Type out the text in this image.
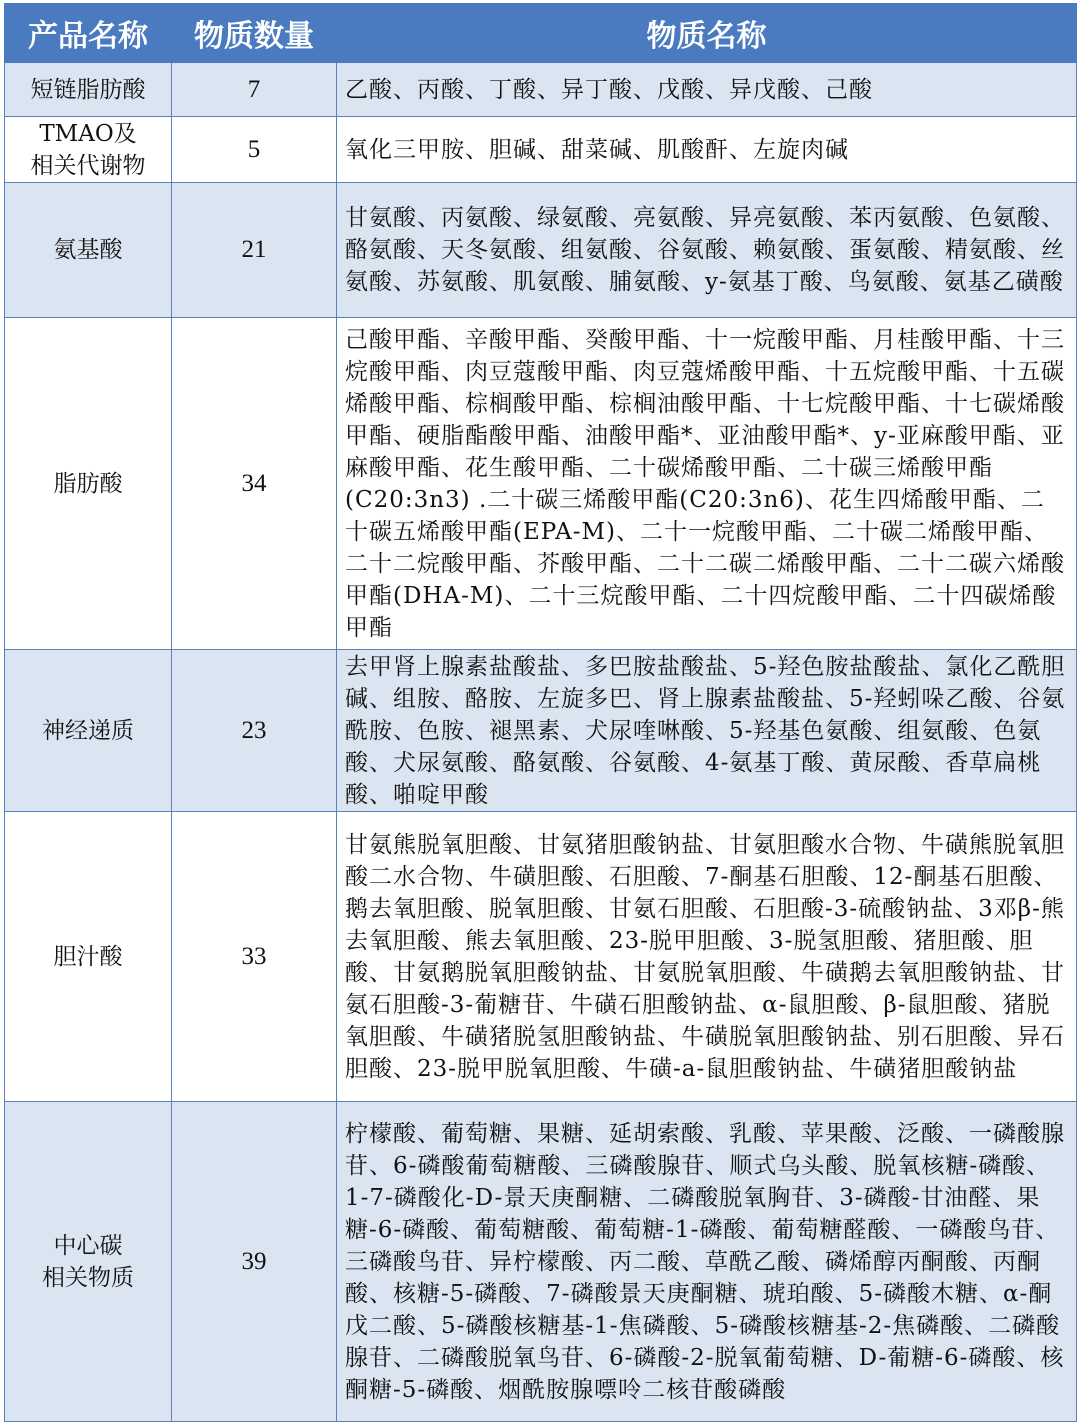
产品名称	物质数量	物质名称
短链脂肪酸	7	乙酸、丙酸、丁酸、异丁酸、戊酸、异戊酸、己酸
TMAO及
相关代谢物	5	氧化三甲胺、胆碱、甜菜碱、肌酸酐、左旋肉碱
氨基酸	21	甘氨酸、丙氨酸、绿氨酸、亮氨酸、异亮氨酸、苯丙氨酸、色氨酸、酪氨酸、天冬氨酸、组氨酸、谷氨酸、赖氨酸、蛋氨酸、精氨酸、丝氨酸、苏氨酸、肌氨酸、脯氨酸、y-氨基丁酸、鸟氨酸、氨基乙磺酸
脂肪酸	34	己酸甲酯、辛酸甲酯、癸酸甲酯、十一烷酸甲酯、月桂酸甲酯、十三烷酸甲酯、肉豆蔻酸甲酯、肉豆蔻烯酸甲酯、十五烷酸甲酯、十五碳烯酸甲酯、棕榈酸甲酯、棕榈油酸甲酯、十七烷酸甲酯、十七碳烯酸甲酯、硬脂酯酸甲酯、油酸甲酯*、亚油酸甲酯*、y-亚麻酸甲酯、亚麻酸甲酯、花生酸甲酯、二十碳烯酸甲酯、二十碳三烯酸甲酯(C20:3n3) .二十碳三烯酸甲酯(C20:3n6)、花生四烯酸甲酯、二十碳五烯酸甲酯(EPA-M)、二十一烷酸甲酯、二十碳二烯酸甲酯、二十二烷酸甲酯、芥酸甲酯、二十二碳二烯酸甲酯、二十二碳六烯酸甲酯(DHA-M)、二十三烷酸甲酯、二十四烷酸甲酯、二十四碳烯酸甲酯
神经递质	23	去甲肾上腺素盐酸盐、多巴胺盐酸盐、5-羟色胺盐酸盐、氯化乙酰胆碱、组胺、酪胺、左旋多巴、肾上腺素盐酸盐、5-羟蚓哚乙酸、谷氨酰胺、色胺、褪黑素、犬尿喹啉酸、5-羟基色氨酸、组氨酸、色氨酸、犬尿氨酸、酪氨酸、谷氨酸、4-氨基丁酸、黄尿酸、香草扁桃酸、啪啶甲酸
胆汁酸	33	甘氨熊脱氧胆酸、甘氨猪胆酸钠盐、甘氨胆酸水合物、牛磺熊脱氧胆酸二水合物、牛磺胆酸、石胆酸、7-酮基石胆酸、12-酮基石胆酸、鹅去氧胆酸、脱氧胆酸、甘氨石胆酸、石胆酸-3-硫酸钠盐、3邓β-熊去氧胆酸、熊去氧胆酸、23-脱甲胆酸、3-脱氢胆酸、猪胆酸、胆酸、甘氨鹅脱氧胆酸钠盐、甘氨脱氧胆酸、牛磺鹅去氧胆酸钠盐、甘氨石胆酸-3-葡糖苷、牛磺石胆酸钠盐、α-鼠胆酸、β-鼠胆酸、猪脱氧胆酸、牛磺猪脱氢胆酸钠盐、牛磺脱氧胆酸钠盐、别石胆酸、异石胆酸、23-脱甲脱氧胆酸、牛磺-a-鼠胆酸钠盐、牛磺猪胆酸钠盐
中心碳
相关物质	39	柠檬酸、葡萄糖、果糖、延胡索酸、乳酸、苹果酸、泛酸、一磷酸腺苷、6-磷酸葡萄糖酸、三磷酸腺苷、顺式乌头酸、脱氧核糖-磷酸、1-7-磷酸化-D-景天庚酮糖、二磷酸脱氧胸苷、3-磷酸-甘油醛、果糖-6-磷酸、葡萄糖酸、葡萄糖-1-磷酸、葡萄糖醛酸、一磷酸鸟苷、三磷酸鸟苷、异柠檬酸、丙二酸、草酰乙酸、磷烯醇丙酮酸、丙酮酸、核糖-5-磷酸、7-磷酸景天庚酮糖、琥珀酸、5-磷酸木糖、α-酮戊二酸、5-磷酸核糖基-1-焦磷酸、5-磷酸核糖基-2-焦磷酸、二磷酸腺苷、二磷酸脱氧鸟苷、6-磷酸-2-脱氧葡萄糖、D-葡糖-6-磷酸、核酮糖-5-磷酸、烟酰胺腺嘌呤二核苷酸磷酸
